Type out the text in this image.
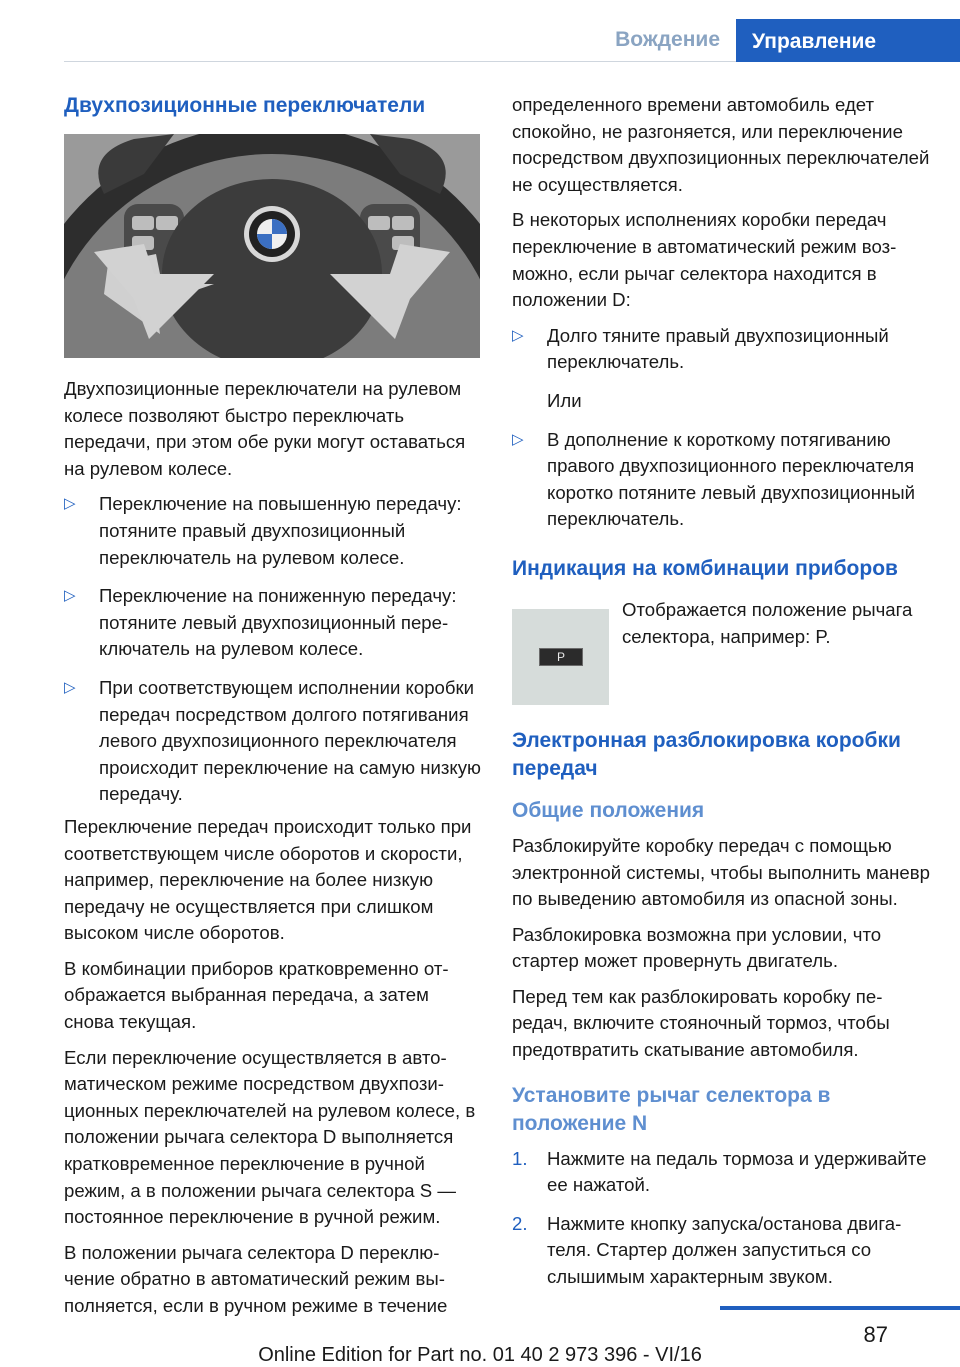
Вождение	Управление
Двухпозиционные переключатели

Двухпозиционные переключатели на рулевом колесе позволяют быстро переключать передачи, при этом обе руки могут оставаться на рулевом колесе.

▷ Переключение на повышенную передачу: потяните правый двухпозиционный переключатель на рулевом колесе.
▷ Переключение на пониженную передачу: потяните левый двухпозиционный переключатель на рулевом колесе.
▷ При соответствующем исполнении коробки передач посредством долгого потягивания левого двухпозиционного переключателя происходит переключение на самую низкую передачу.

Переключение передач происходит только при соответствующем числе оборотов и скорости, например, переключение на более низкую передачу не осуществляется при слишком высоком числе оборотов.

В комбинации приборов кратковременно отображается выбранная передача, а затем снова текущая.

Если переключение осуществляется в автоматическом режиме посредством двухпозиционных переключателей на рулевом колесе, в положении рычага селектора D выполняется кратковременное переключение в ручной режим, а в положении рычага селектора S — постоянное переключение в ручной режим.

В положении рычага селектора D переключение обратно в автоматический режим выполняется, если в ручном режиме в течение

определенного времени автомобиль едет спокойно, не разгоняется, или переключение посредством двухпозиционных переключателей не осуществляется.

В некоторых исполнениях коробки передач переключение в автоматический режим возможно, если рычаг селектора находится в положении D:

▷ Долго тяните правый двухпозиционный переключатель.
Или
▷ В дополнение к короткому потягиванию правого двухпозиционного переключателя коротко потяните левый двухпозиционный переключатель.
Индикация на комбинации приборов
P
Отображается положение рычага селектора, например: P.
Электронная разблокировка коробки передач
Общие положения

Разблокируйте коробку передач с помощью электронной системы, чтобы выполнить маневр по выведению автомобиля из опасной зоны.

Разблокировка возможна при условии, что стартер может провернуть двигатель.

Перед тем как разблокировать коробку передач, включите стояночный тормоз, чтобы предотвратить скатывание автомобиля.

Установите рычаг селектора в положение N
1. Нажмите на педаль тормоза и удерживайте ее нажатой.
2. Нажмите кнопку запуска/останова двигателя. Стартер должен запуститься со слышимым характерным звуком.
87
Online Edition for Part no. 01 40 2 973 396 - VI/16
